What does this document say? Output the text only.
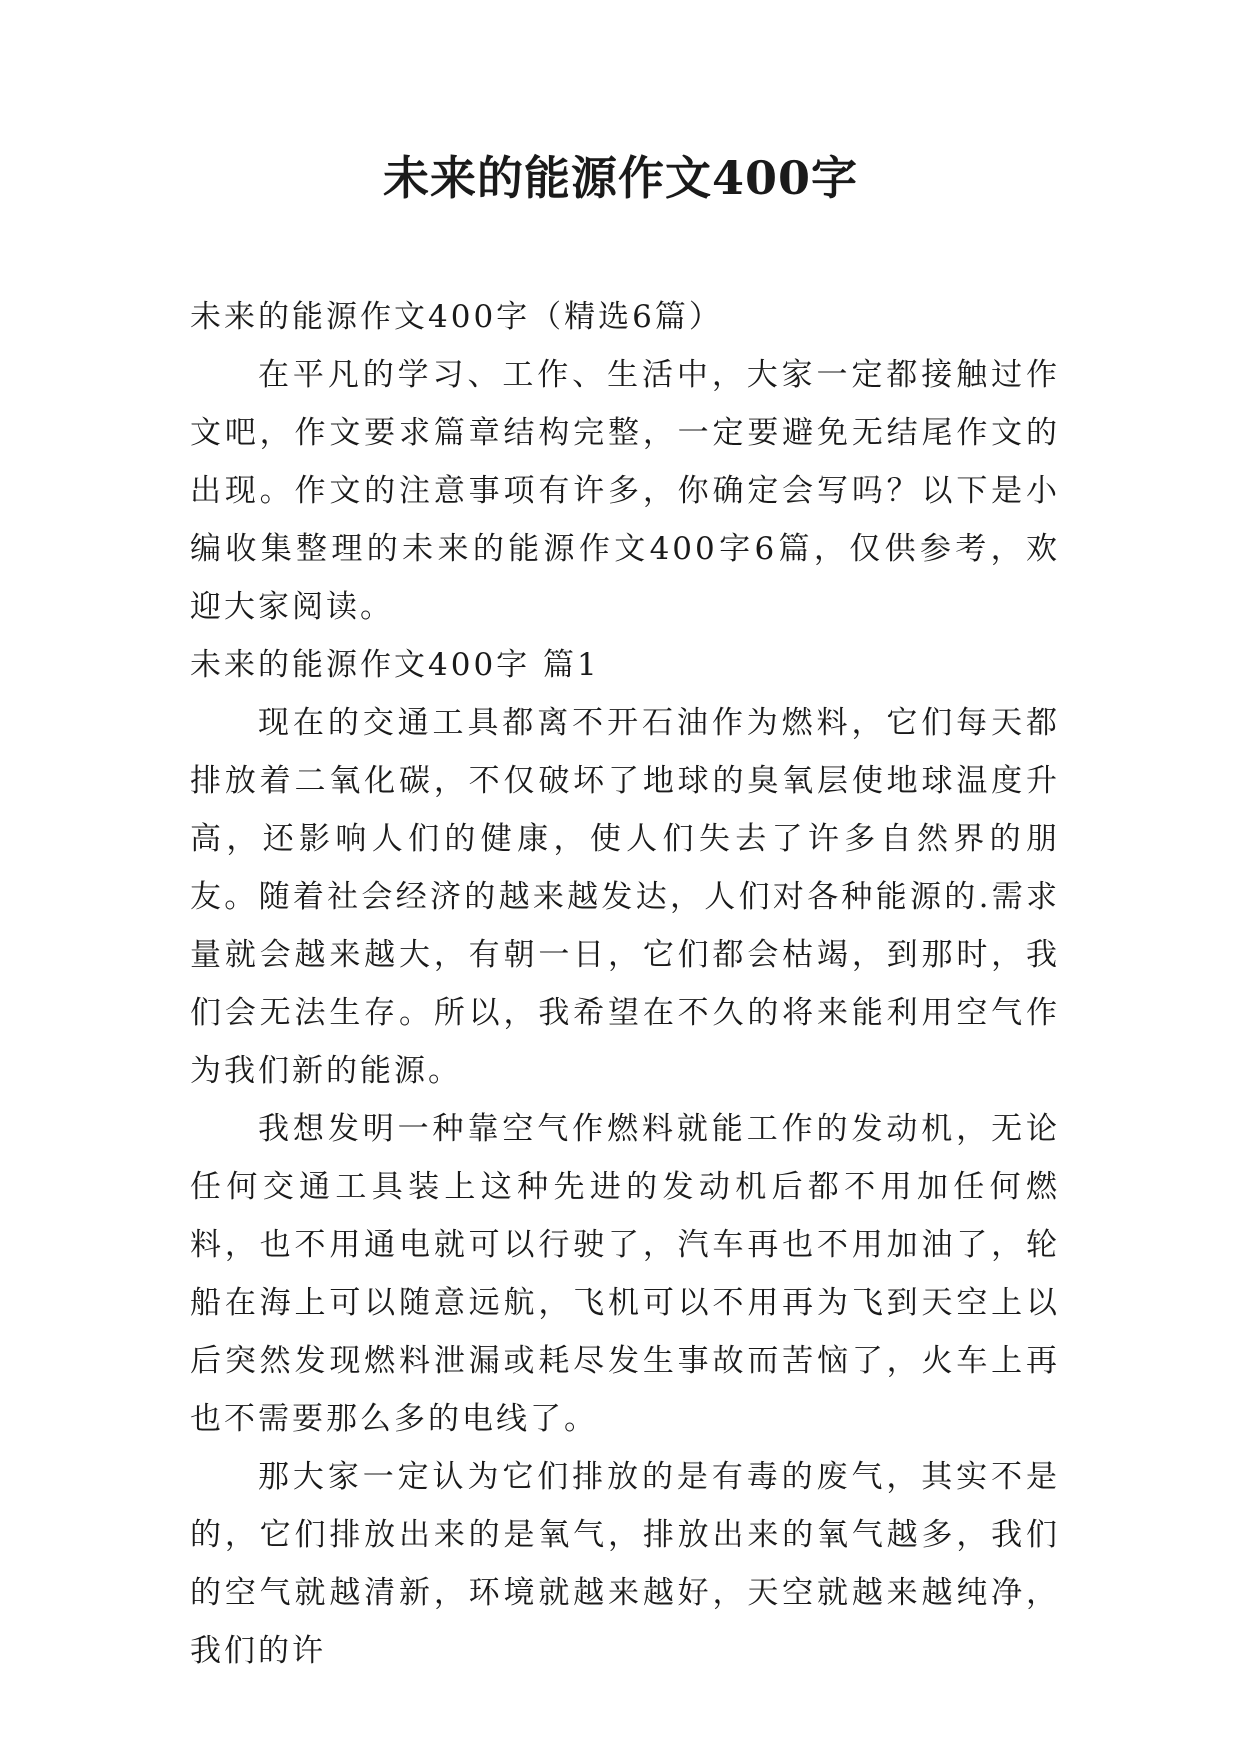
未来的能源作文400字

未来的能源作文400字（精选6篇）

在平凡的学习、工作、生活中，大家一定都接触过作文吧，作文要求篇章结构完整，一定要避免无结尾作文的出现。作文的注意事项有许多，你确定会写吗？以下是小编收集整理的未来的能源作文400字6篇，仅供参考，欢迎大家阅读。

未来的能源作文400字 篇1

现在的交通工具都离不开石油作为燃料，它们每天都排放着二氧化碳，不仅破坏了地球的臭氧层使地球温度升高，还影响人们的健康，使人们失去了许多自然界的朋友。随着社会经济的越来越发达，人们对各种能源的.需求量就会越来越大，有朝一日，它们都会枯竭，到那时，我们会无法生存。所以，我希望在不久的将来能利用空气作为我们新的能源。

我想发明一种靠空气作燃料就能工作的发动机，无论任何交通工具装上这种先进的发动机后都不用加任何燃料，也不用通电就可以行驶了，汽车再也不用加油了，轮船在海上可以随意远航，飞机可以不用再为飞到天空上以后突然发现燃料泄漏或耗尽发生事故而苦恼了，火车上再也不需要那么多的电线了。

那大家一定认为它们排放的是有毒的废气，其实不是的，它们排放出来的是氧气，排放出来的氧气越多，我们的空气就越清新，环境就越来越好，天空就越来越纯净，我们的许
